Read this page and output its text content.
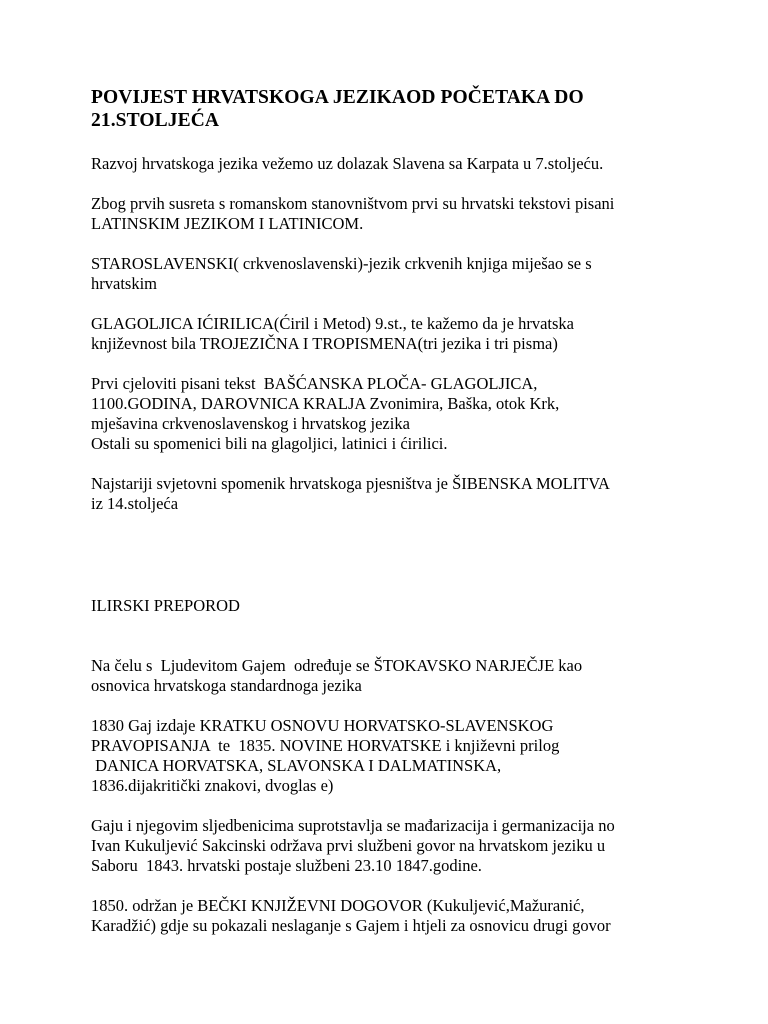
POVIJEST HRVATSKOGA JEZIKAOD POČETAKA DO
21.STOLJEĆA

Razvoj hrvatskoga jezika vežemo uz dolazak Slavena sa Karpata u 7.stoljeću.

Zbog prvih susreta s romanskom stanovništvom prvi su hrvatski tekstovi pisani

LATINSKIM JEZIKOM I LATINICOM.

STAROSLAVENSKI( crkvenoslavenski)-jezik crkvenih knjiga miješao se s

hrvatskim

GLAGOLJICA IĆIRILICA(Ćiril i Metod) 9.st., te kažemo da je hrvatska

književnost bila TROJEZIČNA I TROPISMENA(tri jezika i tri pisma)

Prvi cjeloviti pisani tekst  BAŠĆANSKA PLOČA- GLAGOLJICA,

1100.GODINA, DAROVNICA KRALJA Zvonimira, Baška, otok Krk,

mješavina crkvenoslavenskog i hrvatskog jezika

Ostali su spomenici bili na glagoljici, latinici i ćirilici.

Najstariji svjetovni spomenik hrvatskoga pjesništva je ŠIBENSKA MOLITVA

iz 14.stoljeća

ILIRSKI PREPOROD

Na čelu s  Ljudevitom Gajem  određuje se ŠTOKAVSKO NARJEČJE kao

osnovica hrvatskoga standardnoga jezika

1830 Gaj izdaje KRATKU OSNOVU HORVATSKO-SLAVENSKOG

PRAVOPISANJA  te  1835. NOVINE HORVATSKE i književni prilog

DANICA HORVATSKA, SLAVONSKA I DALMATINSKA,

1836.dijakritički znakovi, dvoglas e)

Gaju i njegovim sljedbenicima suprotstavlja se mađarizacija i germanizacija no

Ivan Kukuljević Sakcinski održava prvi službeni govor na hrvatskom jeziku u

Saboru  1843. hrvatski postaje službeni 23.10 1847.godine.

1850. održan je BEČKI KNJIŽEVNI DOGOVOR (Kukuljević,Mažuranić,

Karadžić) gdje su pokazali neslaganje s Gajem i htjeli za osnovicu drugi govor
